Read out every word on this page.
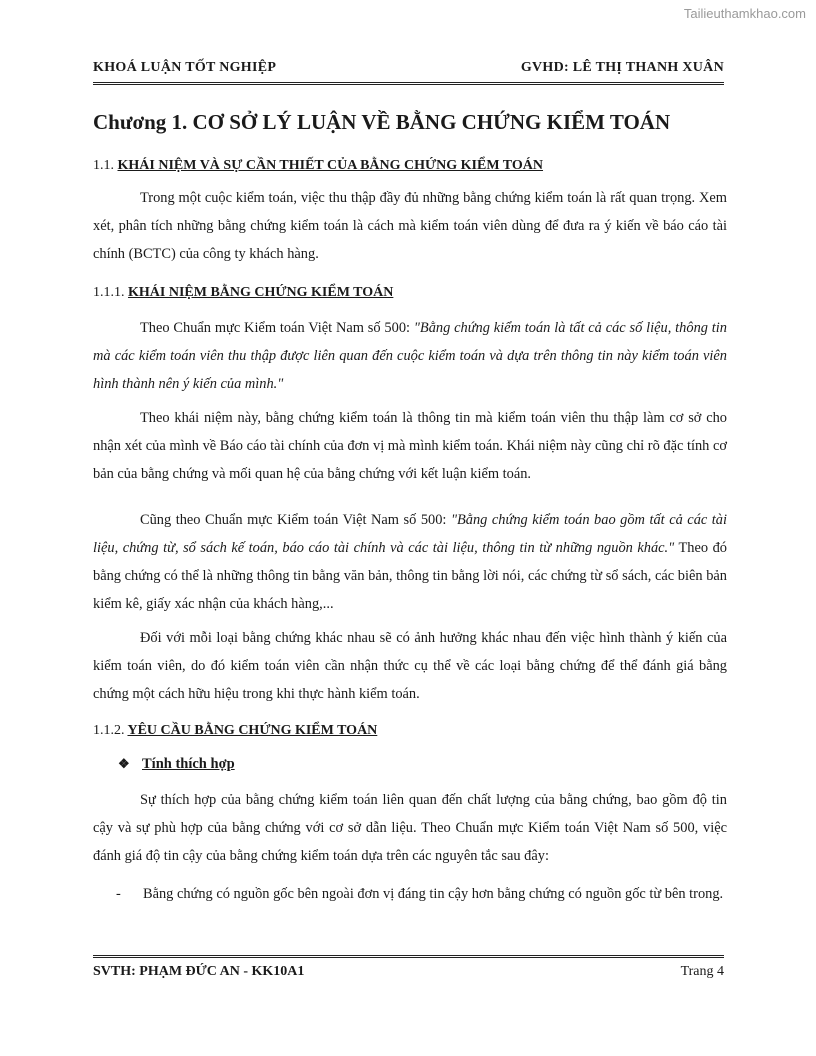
Tailieuthamkhao.com
KHOÁ LUẬN TỐT NGHIỆP	GVHD: LÊ THỊ THANH XUÂN
Chương 1. CƠ SỞ LÝ LUẬN VỀ BẰNG CHỨNG KIỂM TOÁN
1.1. KHÁI NIỆM VÀ SỰ CẦN THIẾT CỦA BẰNG CHỨNG KIỂM TOÁN

Trong một cuộc kiểm toán, việc thu thập đầy đủ những bằng chứng kiểm toán là rất quan trọng. Xem xét, phân tích những bằng chứng kiểm toán là cách mà kiểm toán viên dùng để đưa ra ý kiến về báo cáo tài chính (BCTC) của công ty khách hàng.

1.1.1. KHÁI NIỆM BẰNG CHỨNG KIỂM TOÁN

Theo Chuẩn mực Kiểm toán Việt Nam số 500: "Bằng chứng kiểm toán là tất cả các số liệu, thông tin mà các kiểm toán viên thu thập được liên quan đến cuộc kiểm toán và dựa trên thông tin này kiểm toán viên hình thành nên ý kiến của mình."

Theo khái niệm này, bằng chứng kiểm toán là thông tin mà kiểm toán viên thu thập làm cơ sở cho nhận xét của mình về Báo cáo tài chính của đơn vị mà mình kiểm toán. Khái niệm này cũng chỉ rõ đặc tính cơ bản của bằng chứng và mối quan hệ của bằng chứng với kết luận kiểm toán.

Cũng theo Chuẩn mực Kiểm toán Việt Nam số 500: "Bằng chứng kiểm toán bao gồm tất cả các tài liệu, chứng từ, sổ sách kế toán, báo cáo tài chính và các tài liệu, thông tin từ những nguồn khác." Theo đó bằng chứng có thể là những thông tin bằng văn bản, thông tin bằng lời nói, các chứng từ sổ sách, các biên bản kiểm kê, giấy xác nhận của khách hàng,...

Đối với mỗi loại bằng chứng khác nhau sẽ có ảnh hưởng khác nhau đến việc hình thành ý kiến của kiểm toán viên, do đó kiểm toán viên cần nhận thức cụ thể về các loại bằng chứng để thể đánh giá bằng chứng một cách hữu hiệu trong khi thực hành kiểm toán.

1.1.2. YÊU CẦU BẰNG CHỨNG KIỂM TOÁN
❖ Tính thích hợp

Sự thích hợp của bằng chứng kiểm toán liên quan đến chất lượng của bằng chứng, bao gồm độ tin cậy và sự phù hợp của bằng chứng với cơ sở dẫn liệu. Theo Chuẩn mực Kiểm toán Việt Nam số 500, việc đánh giá độ tin cậy của bằng chứng kiểm toán dựa trên các nguyên tắc sau đây:

-	Bằng chứng có nguồn gốc bên ngoài đơn vị đáng tin cậy hơn bằng chứng có nguồn gốc từ bên trong.
SVTH: PHẠM ĐỨC AN - KK10A1	Trang 4
